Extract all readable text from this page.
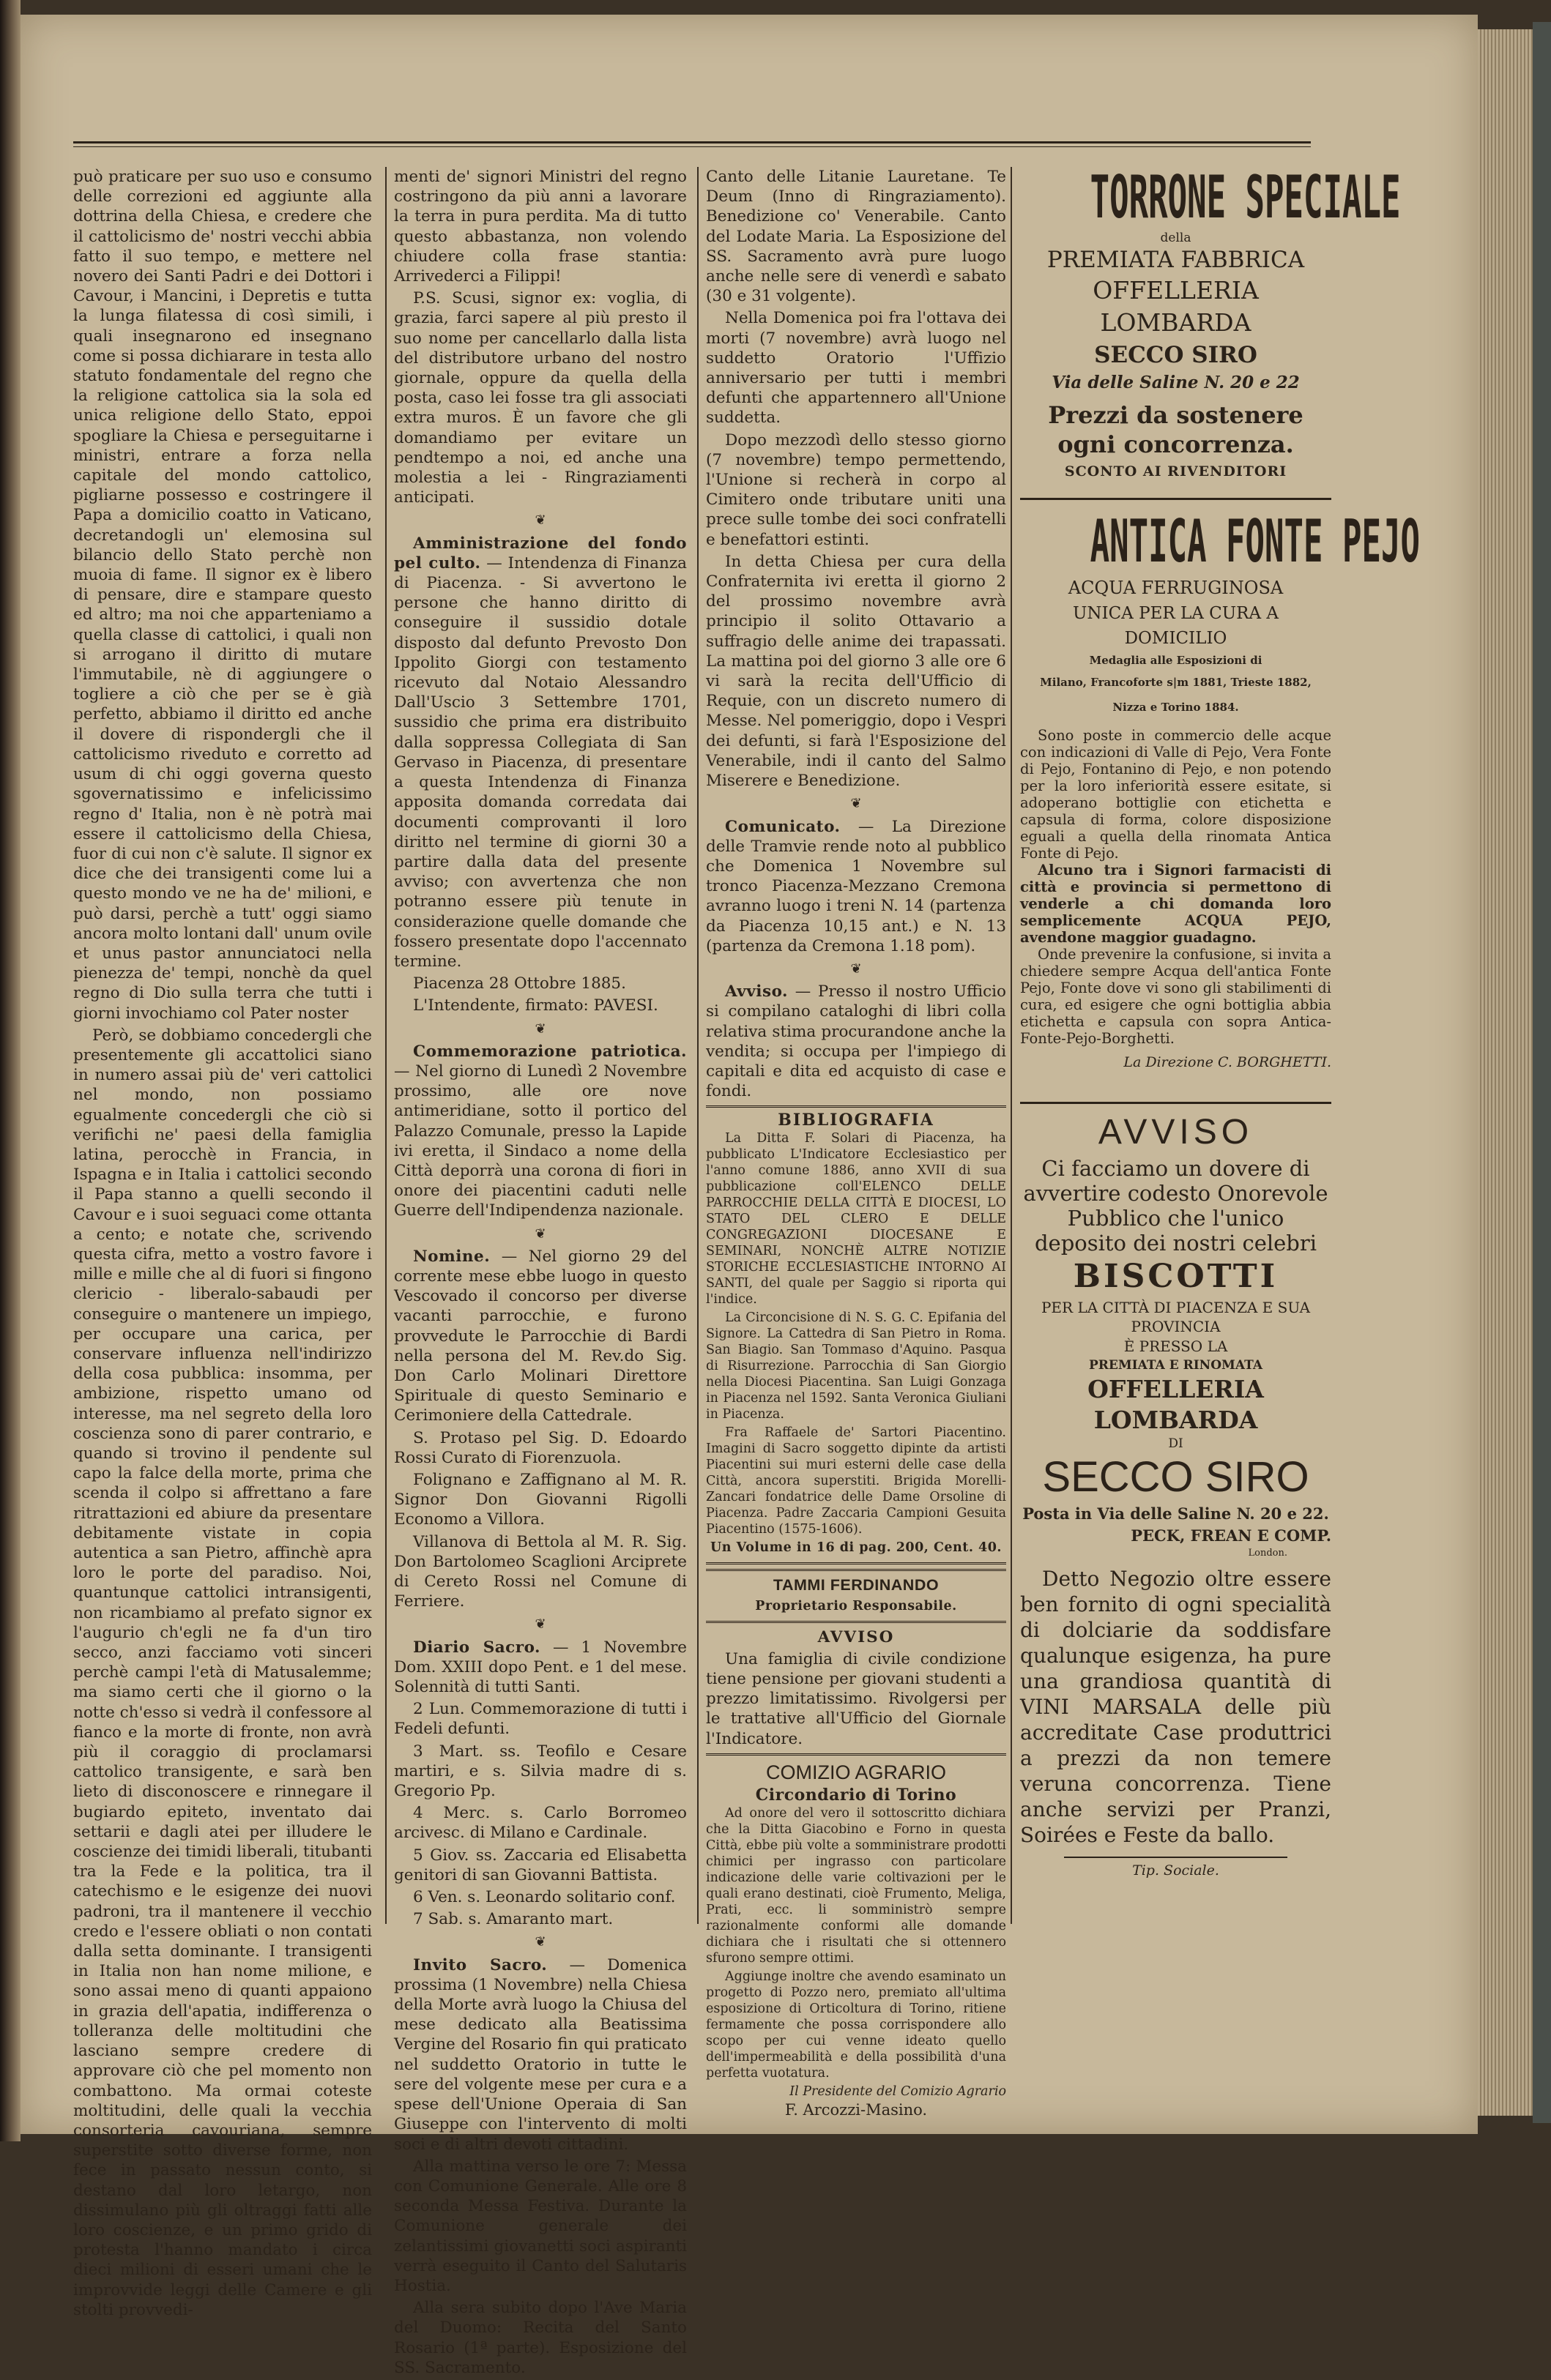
può praticare per suo uso e consumo delle correzioni ed aggiunte alla dottrina della Chiesa, e credere che il cattolicismo de' nostri vecchi abbia fatto il suo tempo, e mettere nel novero dei Santi Padri e dei Dottori i Cavour, i Mancini, i Depretis e tutta la lunga filatessa di così simili, i quali insegnarono ed insegnano come si possa dichiarare in testa allo statuto fondamentale del regno che la religione cattolica sia la sola ed unica religione dello Stato, eppoi spogliare la Chiesa e perseguitarne i ministri, entrare a forza nella capitale del mondo cattolico, pigliarne possesso e costringere il Papa a domicilio coatto in Vaticano, decretandogli un' elemosina sul bilancio dello Stato perchè non muoia di fame. Il signor ex è libero di pensare, dire e stampare questo ed altro; ma noi che apparteniamo a quella classe di cattolici, i quali non si arrogano il diritto di mutare l'immutabile, nè di aggiungere o togliere a ciò che per se è già perfetto, abbiamo il diritto ed anche il dovere di rispondergli che il cattolicismo riveduto e corretto ad usum di chi oggi governa questo sgovernatissimo e infelicissimo regno d' Italia, non è nè potrà mai essere il cattolicismo della Chiesa, fuor di cui non c'è salute. Il signor ex dice che dei transigenti come lui a questo mondo ve ne ha de' milioni, e può darsi, perchè a tutt' oggi siamo ancora molto lontani dall' unum ovile et unus pastor annunciatoci nella pienezza de' tempi, nonchè da quel regno di Dio sulla terra che tutti i giorni invochiamo col Pater noster

Però, se dobbiamo concedergli che presentemente gli accattolici siano in numero assai più de' veri cattolici nel mondo, non possiamo egualmente concedergli che ciò si verifichi ne' paesi della famiglia latina, perocchè in Francia, in Ispagna e in Italia i cattolici secondo il Papa stanno a quelli secondo il Cavour e i suoi seguaci come ottanta a cento; e notate che, scrivendo questa cifra, metto a vostro favore i mille e mille che al di fuori si fingono clericio - liberalo-sabaudi per conseguire o mantenere un impiego, per occupare una carica, per conservare influenza nell'indirizzo della cosa pubblica: insomma, per ambizione, rispetto umano od interesse, ma nel segreto della loro coscienza sono di parer contrario, e quando si trovino il pendente sul capo la falce della morte, prima che scenda il colpo si affrettano a fare ritrattazioni ed abiure da presentare debitamente vistate in copia autentica a san Pietro, affinchè apra loro le porte del paradiso. Noi, quantunque cattolici intransigenti, non ricambiamo al prefato signor ex l'augurio ch'egli ne fa d'un tiro secco, anzi facciamo voti sinceri perchè campi l'età di Matusalemme; ma siamo certi che il giorno o la notte ch'esso si vedrà il confessore al fianco e la morte di fronte, non avrà più il coraggio di proclamarsi cattolico transigente, e sarà ben lieto di disconoscere e rinnegare il bugiardo epiteto, inventato dai settarii e dagli atei per illudere le coscienze dei timidi liberali, titubanti tra la Fede e la politica, tra il catechismo e le esigenze dei nuovi padroni, tra il mantenere il vecchio credo e l'essere obliati o non contati dalla setta dominante. I transigenti in Italia non han nome milione, e sono assai meno di quanti appaiono in grazia dell'apatia, indifferenza o tolleranza delle moltitudini che lasciano sempre credere di approvare ciò che pel momento non combattono. Ma ormai coteste moltitudini, delle quali la vecchia consorteria cavouriana, sempre superstite sotto diverse forme, non fece in passato nessun conto, si destano dal loro letargo, non dissimulano più gli oltraggi fatti alle loro coscienze, e un primo grido di protesta l'hanno mandato i circa dieci milioni di esseri umani che le improvvide leggi delle Camere e gli stolti provvedi-

menti de' signori Ministri del regno costringono da più anni a lavorare la terra in pura perdita. Ma di tutto questo abbastanza, non volendo chiudere colla frase stantia: Arrivederci a Filippi!

P.S. Scusi, signor ex: voglia, di grazia, farci sapere al più presto il suo nome per cancellarlo dalla lista del distributore urbano del nostro giornale, oppure da quella della posta, caso lei fosse tra gli associati extra muros. È un favore che gli domandiamo per evitare un pendtempo a noi, ed anche una molestia a lei - Ringraziamenti anticipati.

❦

Amministrazione del fondo pel culto. — Intendenza di Finanza di Piacenza. - Si avvertono le persone che hanno diritto di conseguire il sussidio dotale disposto dal defunto Prevosto Don Ippolito Giorgi con testamento ricevuto dal Notaio Alessandro Dall'Uscio 3 Settembre 1701, sussidio che prima era distribuito dalla soppressa Collegiata di San Gervaso in Piacenza, di presentare a questa Intendenza di Finanza apposita domanda corredata dai documenti comprovanti il loro diritto nel termine di giorni 30 a partire dalla data del presente avviso; con avvertenza che non potranno essere più tenute in considerazione quelle domande che fossero presentate dopo l'accennato termine.

Piacenza 28 Ottobre 1885.

L'Intendente, firmato: PAVESI.

❦

Commemorazione patriotica. — Nel giorno di Lunedì 2 Novembre prossimo, alle ore nove antimeridiane, sotto il portico del Palazzo Comunale, presso la Lapide ivi eretta, il Sindaco a nome della Città deporrà una corona di fiori in onore dei piacentini caduti nelle Guerre dell'Indipendenza nazionale.

❦

Nomine. — Nel giorno 29 del corrente mese ebbe luogo in questo Vescovado il concorso per diverse vacanti parrocchie, e furono provvedute le Parrocchie di Bardi nella persona del M. Rev.do Sig. Don Carlo Molinari Direttore Spirituale di questo Seminario e Cerimoniere della Cattedrale.

S. Protaso pel Sig. D. Edoardo Rossi Curato di Fiorenzuola.

Folignano e Zaffignano al M. R. Signor Don Giovanni Rigolli Economo a Villora.

Villanova di Bettola al M. R. Sig. Don Bartolomeo Scaglioni Arciprete di Cereto Rossi nel Comune di Ferriere.

❦

Diario Sacro. — 1 Novembre Dom. XXIII dopo Pent. e 1 del mese. Solennità di tutti Santi.

2 Lun. Commemorazione di tutti i Fedeli defunti.

3 Mart. ss. Teofilo e Cesare martiri, e s. Silvia madre di s. Gregorio Pp.

4 Merc. s. Carlo Borromeo arcivesc. di Milano e Cardinale.

5 Giov. ss. Zaccaria ed Elisabetta genitori di san Giovanni Battista.

6 Ven. s. Leonardo solitario conf.

7 Sab. s. Amaranto mart.

❦

Invito Sacro. — Domenica prossima (1 Novembre) nella Chiesa della Morte avrà luogo la Chiusa del mese dedicato alla Beatissima Vergine del Rosario fin qui praticato nel suddetto Oratorio in tutte le sere del volgente mese per cura e a spese dell'Unione Operaia di San Giuseppe con l'intervento di molti soci e di altri devoti cittadini.

Alla mattina verso le ore 7: Messa con Comunione Generale. Alle ore 8 seconda Messa Festiva. Durante la Comunione generale dei zelantissimi giovanetti soci aspiranti verrà eseguito il Canto del Salutaris Hostia.

Alla sera subito dopo l'Ave Maria del Duomo: Recita del Santo Rosario (1ª parte). Esposizione del SS. Sacramento.

Canto delle Litanie Lauretane. Te Deum (Inno di Ringraziamento). Benedizione co' Venerabile. Canto del Lodate Maria. La Esposizione del SS. Sacramento avrà pure luogo anche nelle sere di venerdì e sabato (30 e 31 volgente).

Nella Domenica poi fra l'ottava dei morti (7 novembre) avrà luogo nel suddetto Oratorio l'Uffizio anniversario per tutti i membri defunti che appartennero all'Unione suddetta.

Dopo mezzodì dello stesso giorno (7 novembre) tempo permettendo, l'Unione si recherà in corpo al Cimitero onde tributare uniti una prece sulle tombe dei soci confratelli e benefattori estinti.

In detta Chiesa per cura della Confraternita ivi eretta il giorno 2 del prossimo novembre avrà principio il solito Ottavario a suffragio delle anime dei trapassati. La mattina poi del giorno 3 alle ore 6 vi sarà la recita dell'Ufficio di Requie, con un discreto numero di Messe. Nel pomeriggio, dopo i Vespri dei defunti, si farà l'Esposizione del Venerabile, indi il canto del Salmo Miserere e Benedizione.

❦

Comunicato. — La Direzione delle Tramvie rende noto al pubblico che Domenica 1 Novembre sul tronco Piacenza-Mezzano Cremona avranno luogo i treni N. 14 (partenza da Piacenza 10,15 ant.) e N. 13 (partenza da Cremona 1.18 pom).

❦

Avviso. — Presso il nostro Ufficio si compilano cataloghi di libri colla relativa stima procurandone anche la vendita; si occupa per l'impiego di capitali e dita ed acquisto di case e fondi.

BIBLIOGRAFIA

La Ditta F. Solari di Piacenza, ha pubblicato L'Indicatore Ecclesiastico per l'anno comune 1886, anno XVII di sua pubblicazione coll'ELENCO DELLE PARROCCHIE DELLA CITTÀ E DIOCESI, LO STATO DEL CLERO E DELLE CONGREGAZIONI DIOCESANE E SEMINARI, NONCHÈ ALTRE NOTIZIE STORICHE ECCLESIASTICHE INTORNO AI SANTI, del quale per Saggio si riporta qui l'indice.

La Circoncisione di N. S. G. C. Epifania del Signore. La Cattedra di San Pietro in Roma. San Biagio. San Tommaso d'Aquino. Pasqua di Risurrezione. Parrocchia di San Giorgio nella Diocesi Piacentina. San Luigi Gonzaga in Piacenza nel 1592. Santa Veronica Giuliani in Piacenza.

Fra Raffaele de' Sartori Piacentino. Imagini di Sacro soggetto dipinte da artisti Piacentini sui muri esterni delle case della Città, ancora superstiti. Brigida Morelli-Zancari fondatrice delle Dame Orsoline di Piacenza. Padre Zaccaria Campioni Gesuita Piacentino (1575-1606).

Un Volume in 16 di pag. 200, Cent. 40.

TAMMI FERDINANDO

Proprietario Responsabile.

AVVISO

Una famiglia di civile condizione tiene pensione per giovani studenti a prezzo limitatissimo. Rivolgersi per le trattative all'Ufficio del Giornale l'Indicatore.

COMIZIO AGRARIO

Circondario di Torino

Ad onore del vero il sottoscritto dichiara che la Ditta Giacobino e Forno in questa Città, ebbe più volte a somministrare prodotti chimici per ingrasso con particolare indicazione delle varie coltivazioni per le quali erano destinati, cioè Frumento, Meliga, Prati, ecc. li somministrò sempre razionalmente conformi alle domande dichiara che i risultati che si ottennero sfurono sempre ottimi.

Aggiunge inoltre che avendo esaminato un progetto di Pozzo nero, premiato all'ultima esposizione di Orticoltura di Torino, ritiene fermamente che possa corrispondere allo scopo per cui venne ideato quello dell'impermeabilità e della possibilità d'una perfetta vuotatura.

Il Presidente del Comizio Agrario

F. Arcozzi-Masino.

TORRONE SPECIALE
della
PREMIATA FABBRICA
OFFELLERIA LOMBARDA
SECCO SIRO
Via delle Saline N. 20 e 22
Prezzi da sostenere ogni concorrenza.
SCONTO AI RIVENDITORI
ANTICA FONTE PEJO
ACQUA FERRUGINOSA
UNICA PER LA CURA A DOMICILIO
Medaglia alle Esposizioni di
Milano, Francoforte s|m 1881, Trieste 1882,
Nizza e Torino 1884.
Sono poste in commercio delle acque con indicazioni di Valle di Pejo, Vera Fonte di Pejo, Fontanino di Pejo, e non potendo per la loro inferiorità essere esitate, si adoperano bottiglie con etichetta e capsula di forma, colore disposizione eguali a quella della rinomata Antica Fonte di Pejo.
Alcuno tra i Signori farmacisti di città e provincia si permettono di venderle a chi domanda loro semplicemente ACQUA PEJO, avendone maggior guadagno.
Onde prevenire la confusione, si invita a chiedere sempre Acqua dell'antica Fonte Pejo, Fonte dove vi sono gli stabilimenti di cura, ed esigere che ogni bottiglia abbia etichetta e capsula con sopra Antica-Fonte-Pejo-Borghetti.
La Direzione C. BORGHETTI.
AVVISO
Ci facciamo un dovere di avvertire codesto Onorevole Pubblico che l'unico deposito dei nostri celebri
BISCOTTI
PER LA CITTÀ DI PIACENZA E SUA PROVINCIA
È PRESSO LA
PREMIATA E RINOMATA
OFFELLERIA LOMBARDA
DI
SECCO SIRO
Posta in Via delle Saline N. 20 e 22.
PECK, FREAN E COMP.
London.
Detto Negozio oltre essere ben fornito di ogni specialità di dolciarie da soddisfare qualunque esigenza, ha pure una grandiosa quantità di VINI MARSALA delle più accreditate Case produttrici a prezzi da non temere veruna concorrenza. Tiene anche servizi per Pranzi, Soirées e Feste da ballo.
Tip. Sociale.
